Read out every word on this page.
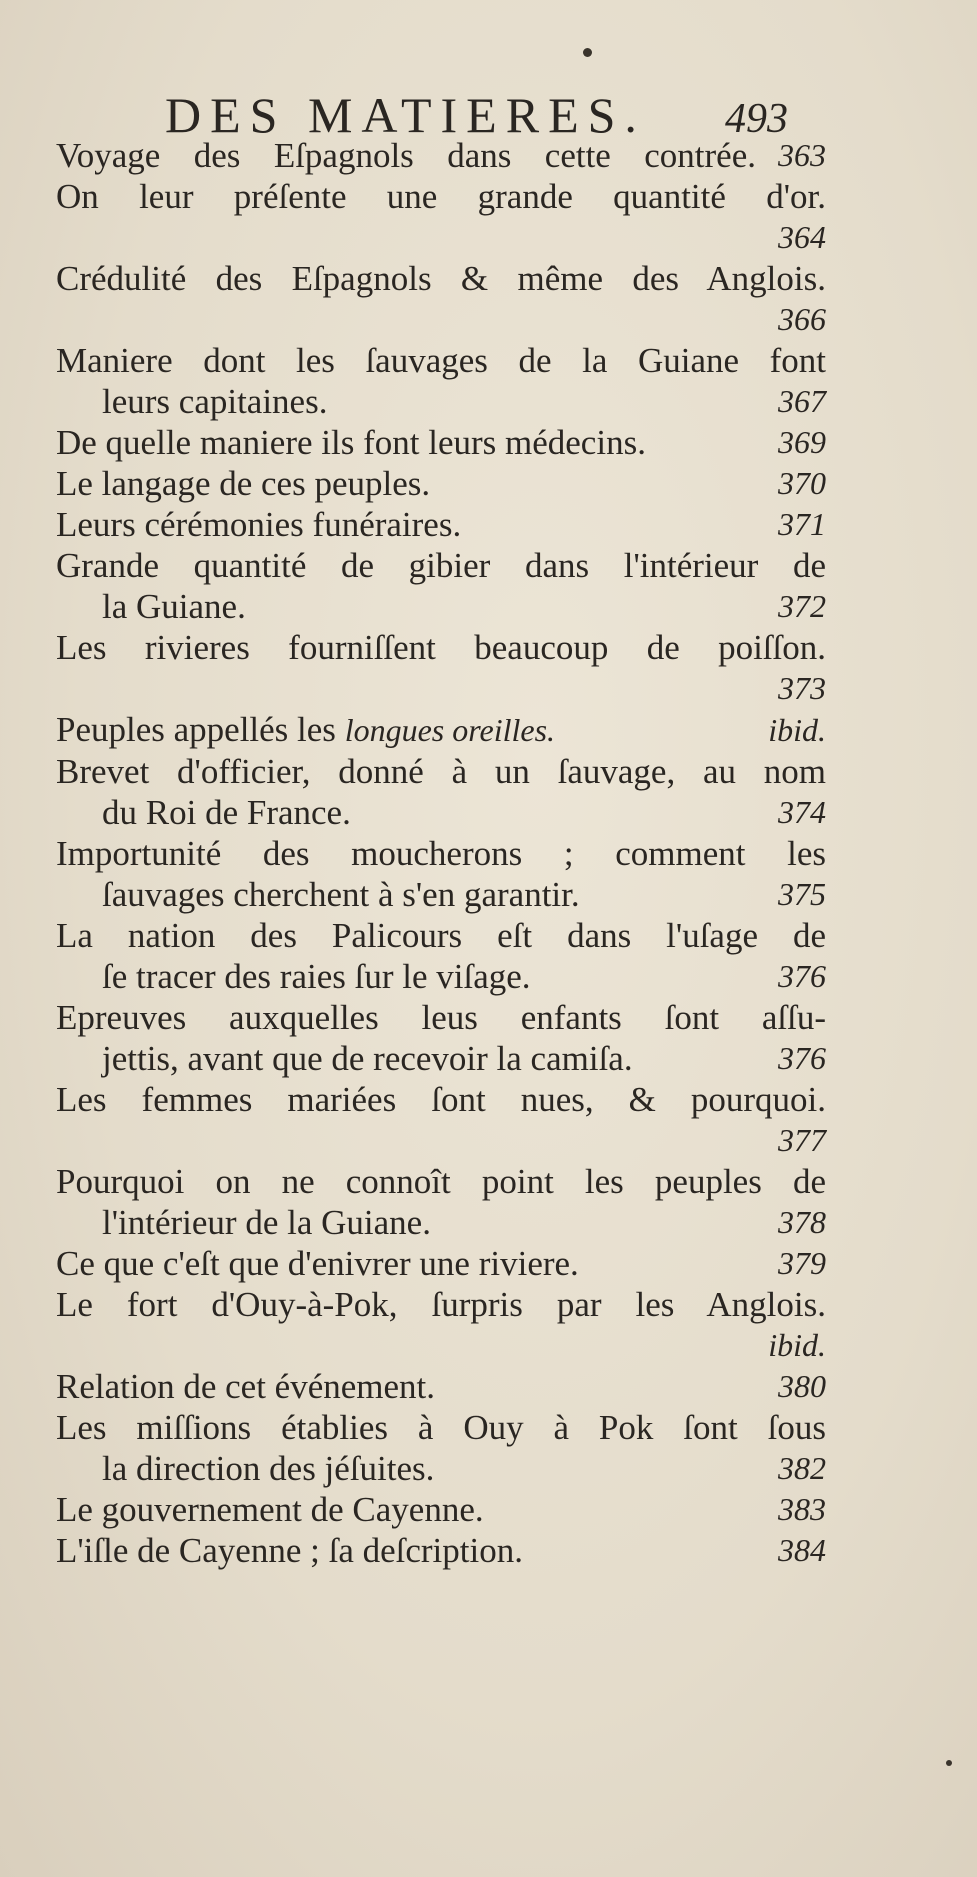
DES MATIERES. 493
Voyage des Eſpagnols dans cette contrée. 363
On leur préſente une grande quantité d'or.
364
Crédulité des Eſpagnols & même des Anglois.
366
Maniere dont les ſauvages de la Guiane font
leurs capitaines.	367
De quelle maniere ils font leurs médecins.	369
Le langage de ces peuples.	370
Leurs cérémonies funéraires.	371
Grande quantité de gibier dans l'intérieur de
la Guiane.	372
Les rivieres fourniſſent beaucoup de poiſſon.
373
Peuples appellés les longues oreilles.	ibid.
Brevet d'officier, donné à un ſauvage, au nom
du Roi de France.	374
Importunité des moucherons ; comment les
ſauvages cherchent à s'en garantir.	375
La nation des Palicours eſt dans l'uſage de
ſe tracer des raies ſur le viſage.	376
Epreuves auxquelles leus enfants ſont aſſu-
jettis, avant que de recevoir la camiſa.	376
Les femmes mariées ſont nues, & pourquoi.
377
Pourquoi on ne connoît point les peuples de
l'intérieur de la Guiane.	378
Ce que c'eſt que d'enivrer une riviere.	379
Le fort d'Ouy-à-Pok, ſurpris par les Anglois.
ibid.
Relation de cet événement.	380
Les miſſions établies à Ouy à Pok ſont ſous
la direction des jéſuites.	382
Le gouvernement de Cayenne.	383
L'iſle de Cayenne ; ſa deſcription.	384
